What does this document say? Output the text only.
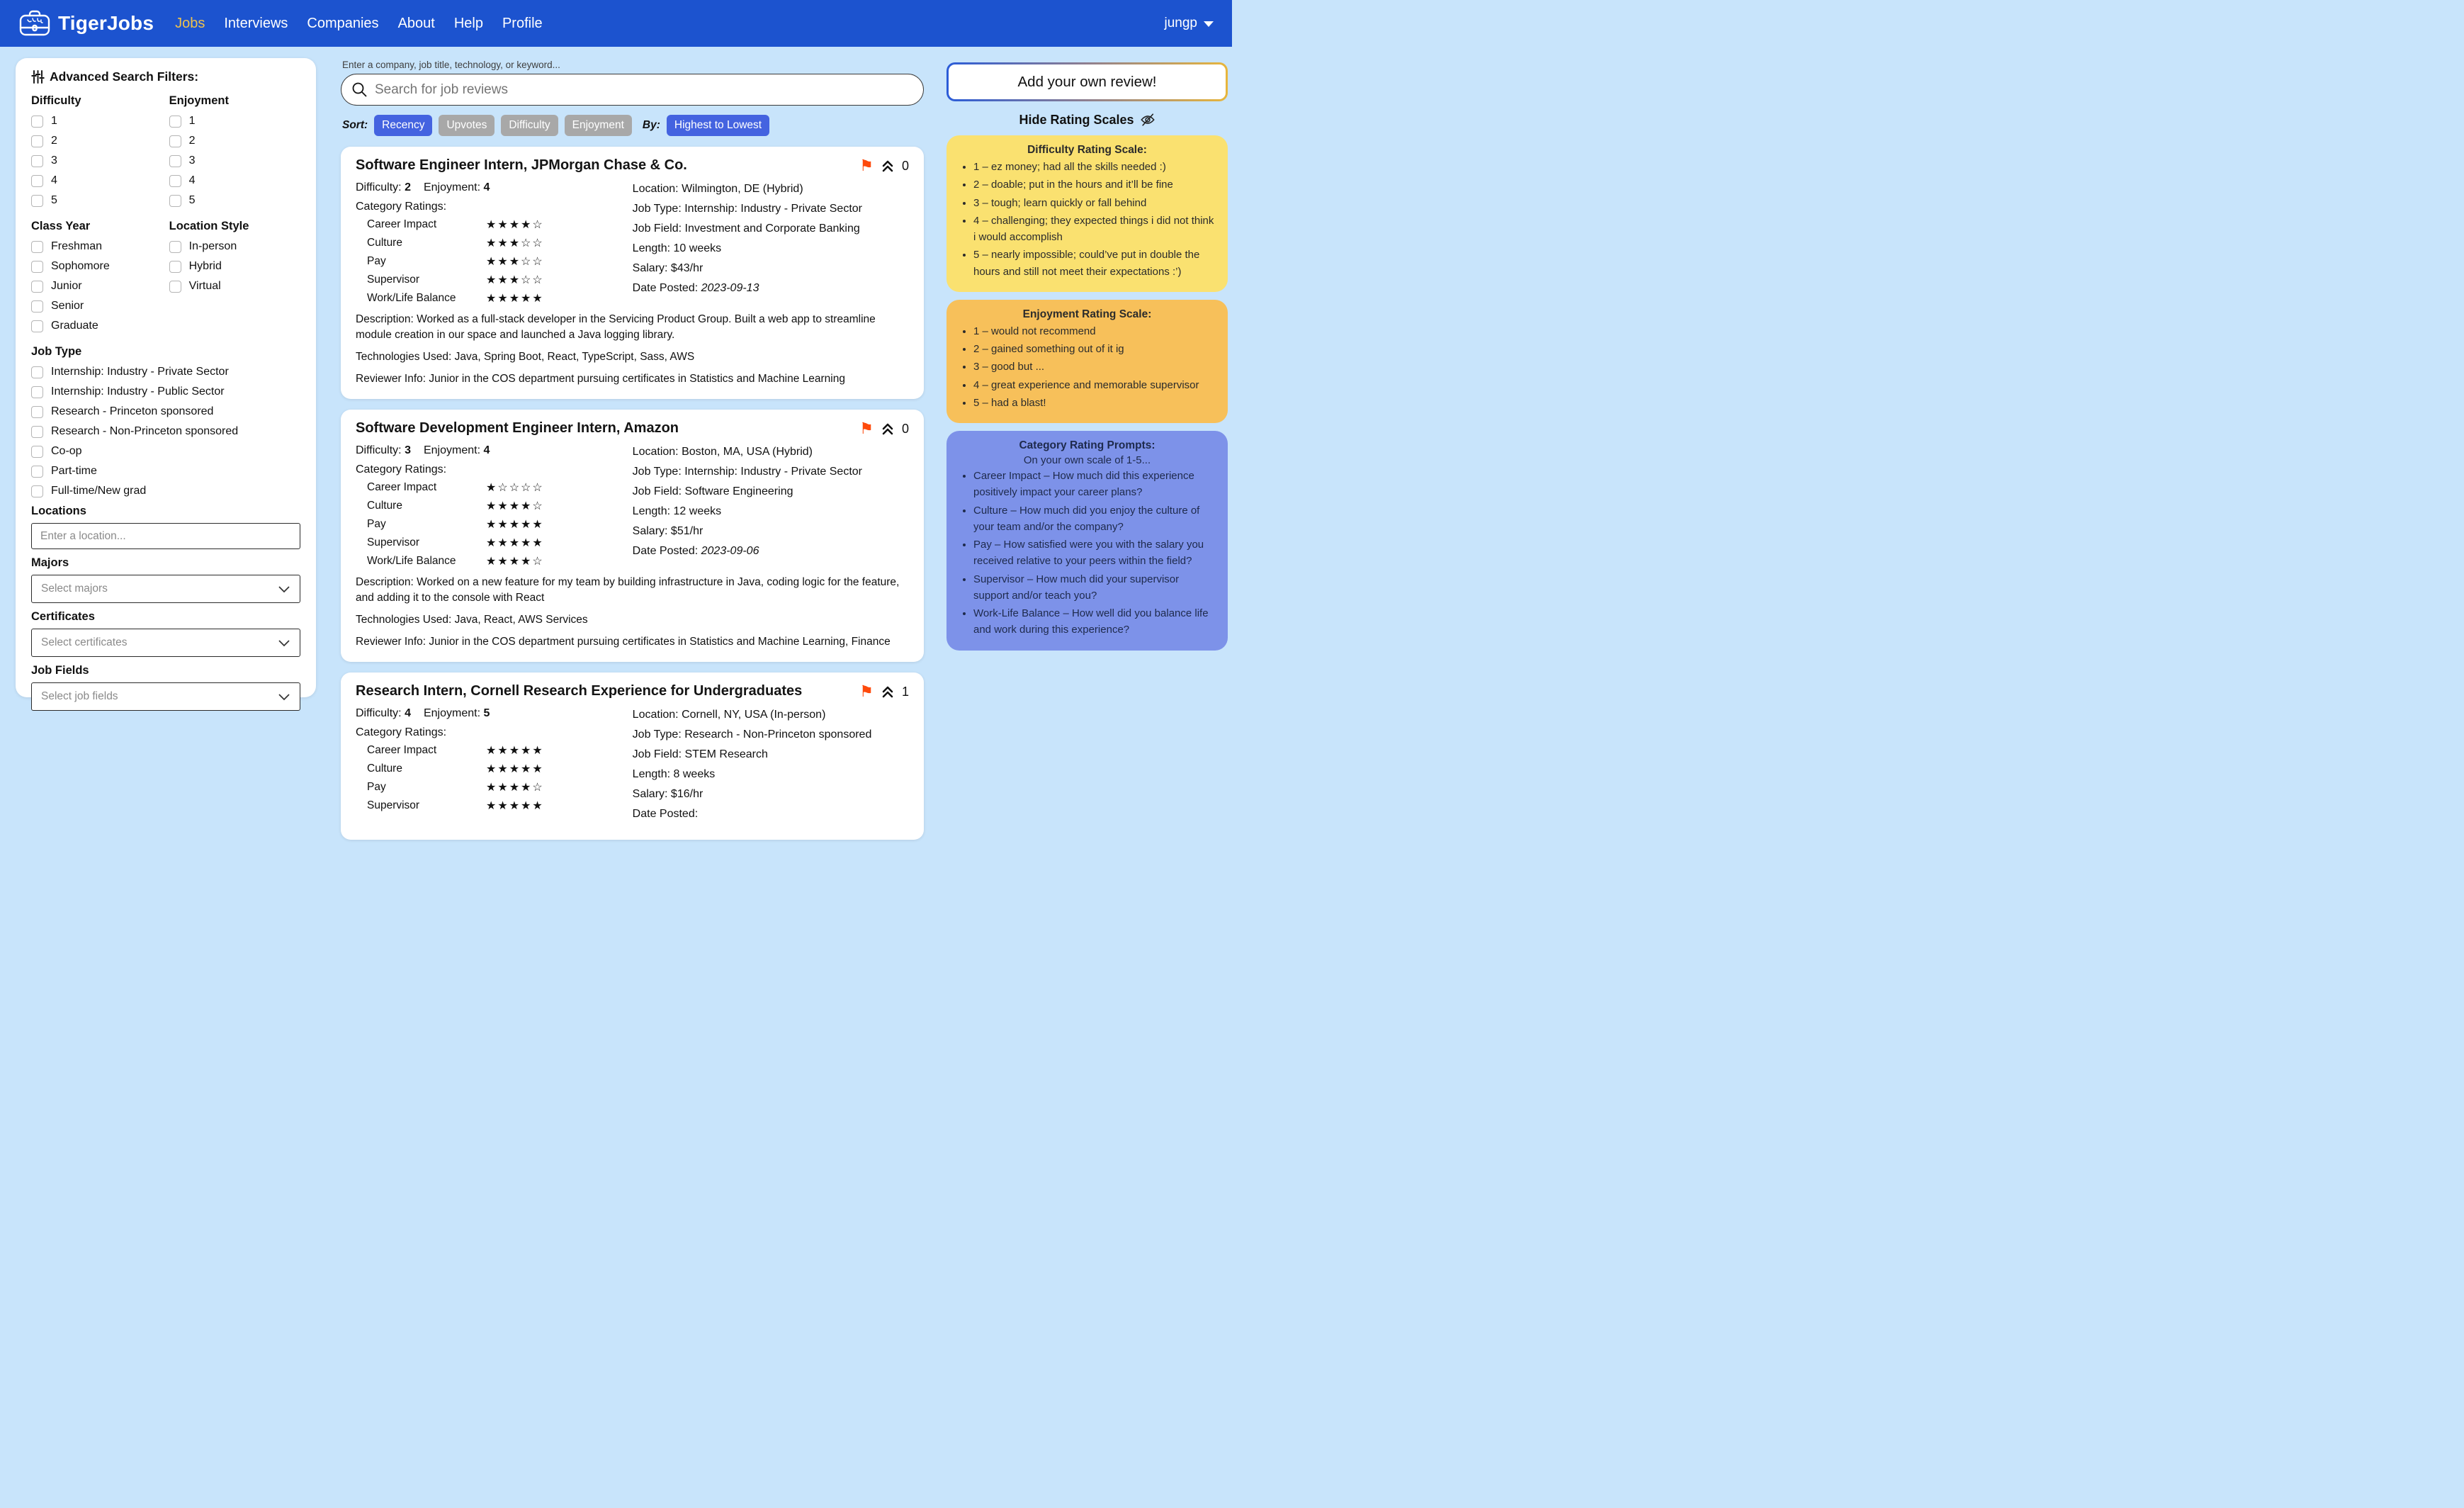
TigerJobs Jobs Interviews Companies About Help Profile	jungp
Advanced Search Filters:
Difficulty
1
2
3
4
5
Enjoyment
1
2
3
4
5
Class Year
Freshman
Sophomore
Junior
Senior
Graduate
Location Style
In-person
Hybrid
Virtual
Job Type
Internship: Industry - Private Sector
Internship: Industry - Public Sector
Research - Princeton sponsored
Research - Non-Princeton sponsored
Co-op
Part-time
Full-time/New grad
Locations
Enter a location...
Majors
Select majors
Certificates
Select certificates
Job Fields
Select job fields
Enter a company, job title, technology, or keyword...
Search for job reviews
Sort:	Recency	Upvotes	Difficulty	Enjoyment	By:	Highest to Lowest
Software Engineer Intern, JPMorgan Chase & Co.	⚑ 0
Difficulty: 2 Enjoyment: 4
Category Ratings:
Career Impact	★★★★☆
Culture	★★★☆☆
Pay	★★★☆☆
Supervisor	★★★☆☆
Work/Life Balance	★★★★★
Location: Wilmington, DE (Hybrid)
Job Type: Internship: Industry - Private Sector
Job Field: Investment and Corporate Banking
Length: 10 weeks
Salary: $43/hr
Date Posted: 2023-09-13
Description: Worked as a full-stack developer in the Servicing Product Group. Built a web app to streamline module creation in our space and launched a Java logging library.
Technologies Used: Java, Spring Boot, React, TypeScript, Sass, AWS
Reviewer Info: Junior in the COS department pursuing certificates in Statistics and Machine Learning
Software Development Engineer Intern, Amazon	⚑ 0
Difficulty: 3 Enjoyment: 4
Category Ratings:
Career Impact	★☆☆☆☆
Culture	★★★★☆
Pay	★★★★★
Supervisor	★★★★★
Work/Life Balance	★★★★☆
Location: Boston, MA, USA (Hybrid)
Job Type: Internship: Industry - Private Sector
Job Field: Software Engineering
Length: 12 weeks
Salary: $51/hr
Date Posted: 2023-09-06
Description: Worked on a new feature for my team by building infrastructure in Java, coding logic for the feature, and adding it to the console with React
Technologies Used: Java, React, AWS Services
Reviewer Info: Junior in the COS department pursuing certificates in Statistics and Machine Learning, Finance
Research Intern, Cornell Research Experience for Undergraduates	⚑ 1
Difficulty: 4 Enjoyment: 5
Category Ratings:
Career Impact	★★★★★
Culture	★★★★★
Pay	★★★★☆
Supervisor	★★★★★
Location: Cornell, NY, USA (In-person)
Job Type: Research - Non-Princeton sponsored
Job Field: STEM Research
Length: 8 weeks
Salary: $16/hr
Date Posted:
Add your own review!
Hide Rating Scales
Difficulty Rating Scale:
• 1 – ez money; had all the skills needed :)
• 2 – doable; put in the hours and it’ll be fine
• 3 – tough; learn quickly or fall behind
• 4 – challenging; they expected things i did not think i would accomplish
• 5 – nearly impossible; could’ve put in double the hours and still not meet their expectations :’)
Enjoyment Rating Scale:
• 1 – would not recommend
• 2 – gained something out of it ig
• 3 – good but ...
• 4 – great experience and memorable supervisor
• 5 – had a blast!
Category Rating Prompts:
On your own scale of 1-5...
• Career Impact – How much did this experience positively impact your career plans?
• Culture – How much did you enjoy the culture of your team and/or the company?
• Pay – How satisfied were you with the salary you received relative to your peers within the field?
• Supervisor – How much did your supervisor support and/or teach you?
• Work-Life Balance – How well did you balance life and work during this experience?
